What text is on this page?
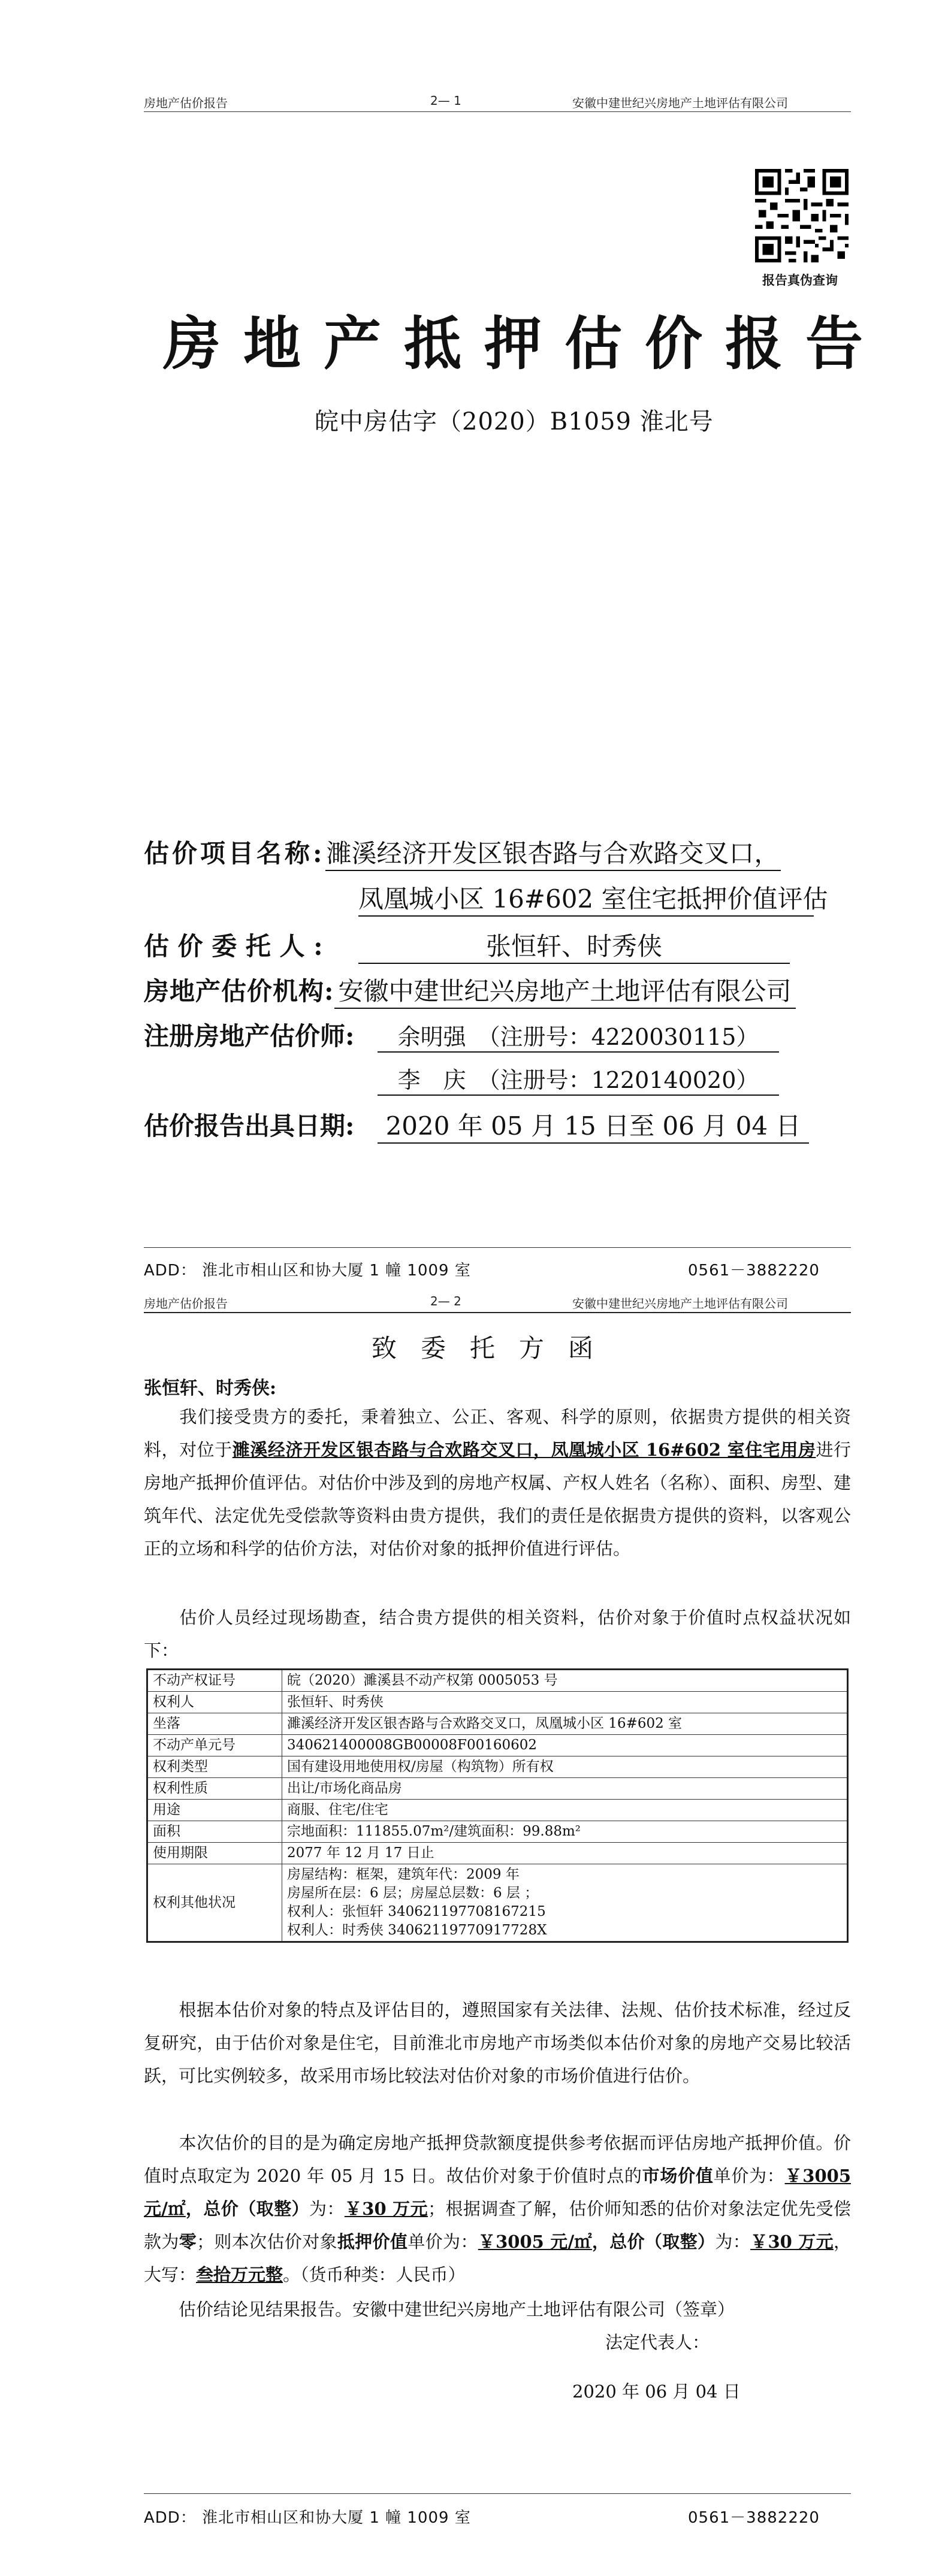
房地产估价报告	2— 1	安徽中建世纪兴房地产土地评估有限公司
报告真伪查询
房地产抵押估价报告
皖中房估字（2020）B1059 淮北号
估价项目名称:濉溪经济开发区银杏路与合欢路交叉口，
凤凰城小区 16#602 室住宅抵押价值评估
估 价 委 托 人 :	张恒轩、时秀侠
房地产估价机构: 安徽中建世纪兴房地产土地评估有限公司
注册房地产估价师: 余明强　（注册号：4220030115）
李　庆　（注册号：1220140020）
估价报告出具日期: 2020 年 05 月 15 日至 06 月 04 日
ADD： 淮北市相山区和协大厦 1 幢 1009 室	0561－3882220
房地产估价报告	2— 2	安徽中建世纪兴房地产土地评估有限公司
致委托方函
张恒轩、时秀侠:
我们接受贵方的委托，秉着独立、公正、客观、科学的原则，依据贵方提供的相关资料，对位于濉溪经济开发区银杏路与合欢路交叉口，凤凰城小区 16#602 室住宅用房进行房地产抵押价值评估。对估价中涉及到的房地产权属、产权人姓名（名称）、面积、房型、建筑年代、法定优先受偿款等资料由贵方提供，我们的责任是依据贵方提供的资料，以客观公正的立场和科学的估价方法，对估价对象的抵押价值进行评估。
估价人员经过现场勘查，结合贵方提供的相关资料，估价对象于价值时点权益状况如下：
不动产权证号	皖（2020）濉溪县不动产权第 0005053 号
权利人	张恒轩、时秀侠
坐落	濉溪经济开发区银杏路与合欢路交叉口，凤凰城小区 16#602 室
不动产单元号	340621400008GB00008F00160602
权利类型	国有建设用地使用权/房屋（构筑物）所有权
权利性质	出让/市场化商品房
用途	商服、住宅/住宅
面积	宗地面积：111855.07m²/建筑面积：99.88m²
使用期限	2077 年 12 月 17 日止
权利其他状况	房屋结构：框架，建筑年代：2009 年
房屋所在层：6 层；房屋总层数：6 层 ；
权利人：张恒轩 340621197708167215
权利人：时秀侠 34062119770917728X
根据本估价对象的特点及评估目的，遵照国家有关法律、法规、估价技术标准，经过反复研究，由于估价对象是住宅，目前淮北市房地产市场类似本估价对象的房地产交易比较活跃，可比实例较多，故采用市场比较法对估价对象的市场价值进行估价。
本次估价的目的是为确定房地产抵押贷款额度提供参考依据而评估房地产抵押价值。价值时点取定为 2020 年 05 月 15 日。故估价对象于价值时点的市场价值单价为：￥3005 元/㎡，总价（取整）为：￥30 万元；根据调查了解，估价师知悉的估价对象法定优先受偿款为零；则本次估价对象抵押价值单价为：￥3005 元/㎡，总价（取整）为：￥30 万元，大写：叁拾万元整。（货币种类：人民币）
估价结论见结果报告。安徽中建世纪兴房地产土地评估有限公司（签章）
法定代表人：
2020 年 06 月 04 日
ADD： 淮北市相山区和协大厦 1 幢 1009 室	0561－3882220
